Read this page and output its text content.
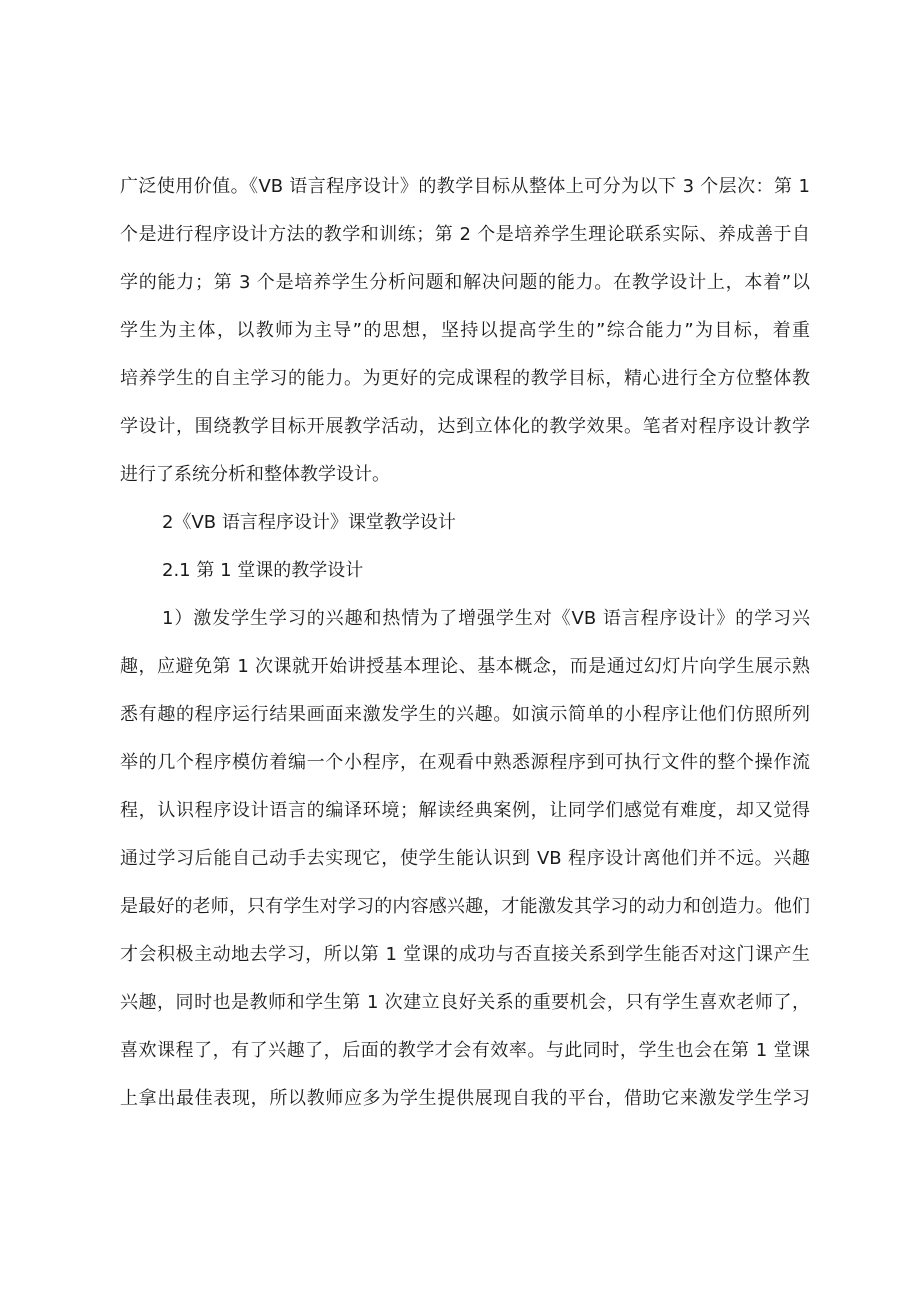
广泛使用价值。《VB 语言程序设计》的教学目标从整体上可分为以下 3 个层次：第 1
个是进行程序设计方法的教学和训练；第 2 个是培养学生理论联系实际、养成善于自
学的能力；第 3 个是培养学生分析问题和解决问题的能力。在教学设计上，本着”以
学生为主体，以教师为主导”的思想，坚持以提高学生的”综合能力”为目标，着重
培养学生的自主学习的能力。为更好的完成课程的教学目标，精心进行全方位整体教
学设计，围绕教学目标开展教学活动，达到立体化的教学效果。笔者对程序设计教学
进行了系统分析和整体教学设计。
2《VB 语言程序设计》课堂教学设计
2.1 第 1 堂课的教学设计
1）激发学生学习的兴趣和热情为了增强学生对《VB 语言程序设计》的学习兴
趣，应避免第 1 次课就开始讲授基本理论、基本概念，而是通过幻灯片向学生展示熟
悉有趣的程序运行结果画面来激发学生的兴趣。如演示简单的小程序让他们仿照所列
举的几个程序模仿着编一个小程序，在观看中熟悉源程序到可执行文件的整个操作流
程，认识程序设计语言的编译环境；解读经典案例，让同学们感觉有难度，却又觉得
通过学习后能自己动手去实现它，使学生能认识到 VB 程序设计离他们并不远。兴趣
是最好的老师，只有学生对学习的内容感兴趣，才能激发其学习的动力和创造力。他们
才会积极主动地去学习，所以第 1 堂课的成功与否直接关系到学生能否对这门课产生
兴趣，同时也是教师和学生第 1 次建立良好关系的重要机会，只有学生喜欢老师了，
喜欢课程了，有了兴趣了，后面的教学才会有效率。与此同时，学生也会在第 1 堂课
上拿出最佳表现，所以教师应多为学生提供展现自我的平台，借助它来激发学生学习
